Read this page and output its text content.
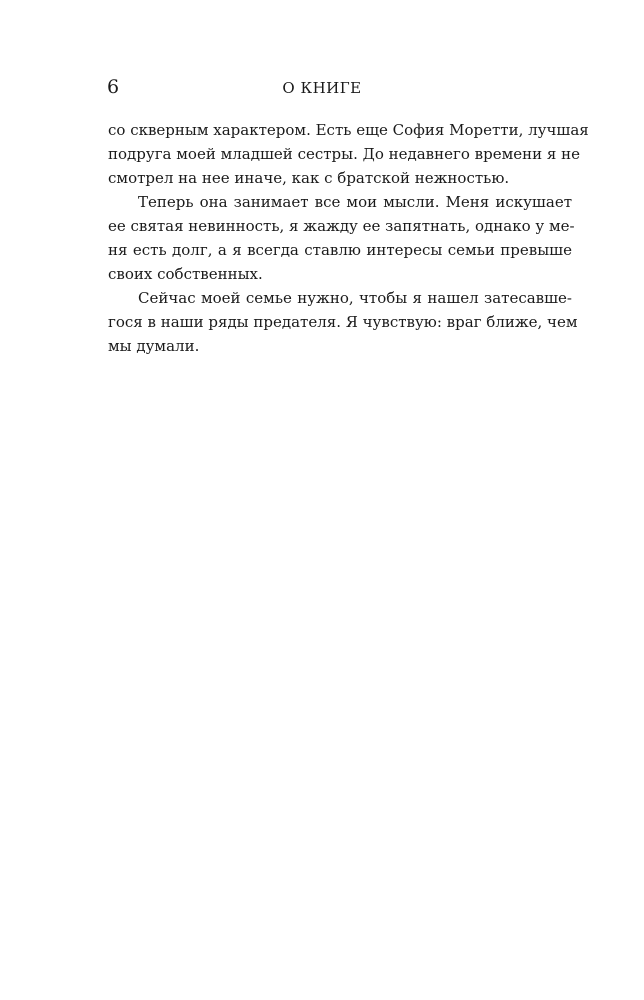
6	О КНИГЕ
со скверным характером. Есть еще София Моретти, лучшая
подруга моей младшей сестры. До недавнего времени я не
смотрел на нее иначе, как с братской нежностью.
Теперь она занимает все мои мысли. Меня искушает
ее святая невинность, я жажду ее запятнать, однако у ме-
ня есть долг, а я всегда ставлю интересы семьи превыше
своих собственных.
Сейчас моей семье нужно, чтобы я нашел затесавше-
гося в наши ряды предателя. Я чувствую: враг ближе, чем
мы думали.
